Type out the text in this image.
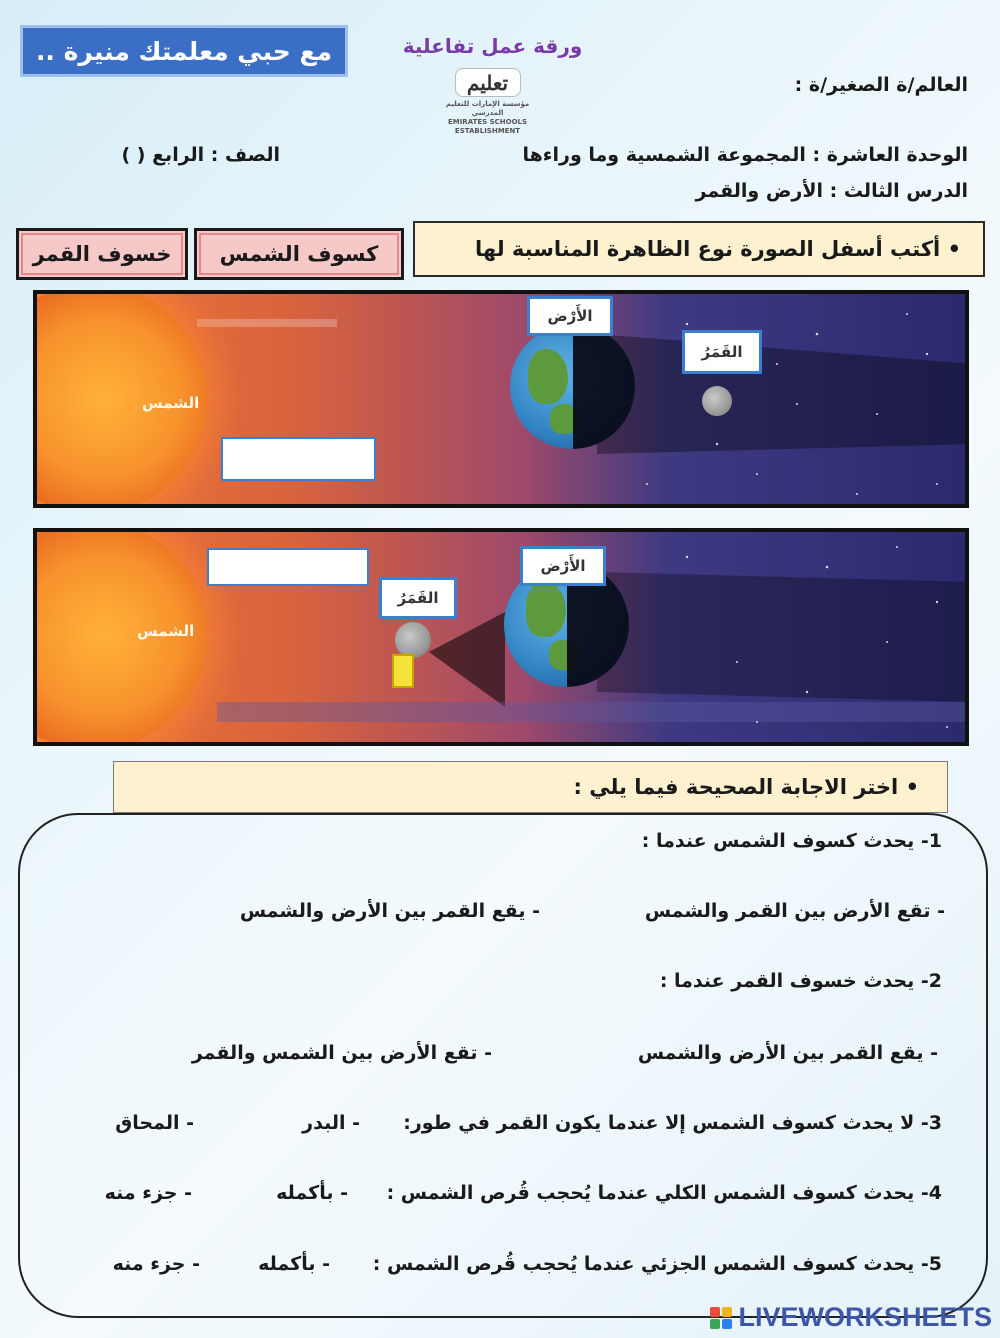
مع حبي معلمتك منيرة ..	ورقة عمل تفاعلية
تعليم
مؤسسة الإمارات للتعليم المدرسي
EMIRATES SCHOOLS ESTABLISHMENT
العالم/ة الصغير/ة :
الوحدة العاشرة : المجموعة الشمسية وما وراءها
الدرس الثالث : الأرض والقمر
الصف : الرابع ( )
خسوف القمر	كسوف الشمس	• أكتب أسفل الصورة نوع الظاهرة المناسبة لها
الشمس
الأَرْض
القَمَرُ
الشمس
الأَرْض
القَمَرُ
• اختر الاجابة الصحيحة فيما يلي :
1- يحدث كسوف الشمس عندما :
- تقع الأرض بين القمر والشمس
- يقع القمر بين الأرض والشمس
2- يحدث خسوف القمر عندما :
- يقع القمر بين الأرض والشمس
- تقع الأرض بين الشمس والقمر
3- لا يحدث كسوف الشمس إلا عندما يكون القمر في طور:
- البدر
- المحاق
4- يحدث كسوف الشمس الكلي عندما يُحجب قُرص الشمس :
- بأكمله
- جزء منه
5- يحدث كسوف الشمس الجزئي عندما يُحجب قُرص الشمس :
- بأكمله
- جزء منه
LIVEWORKSHEETS
